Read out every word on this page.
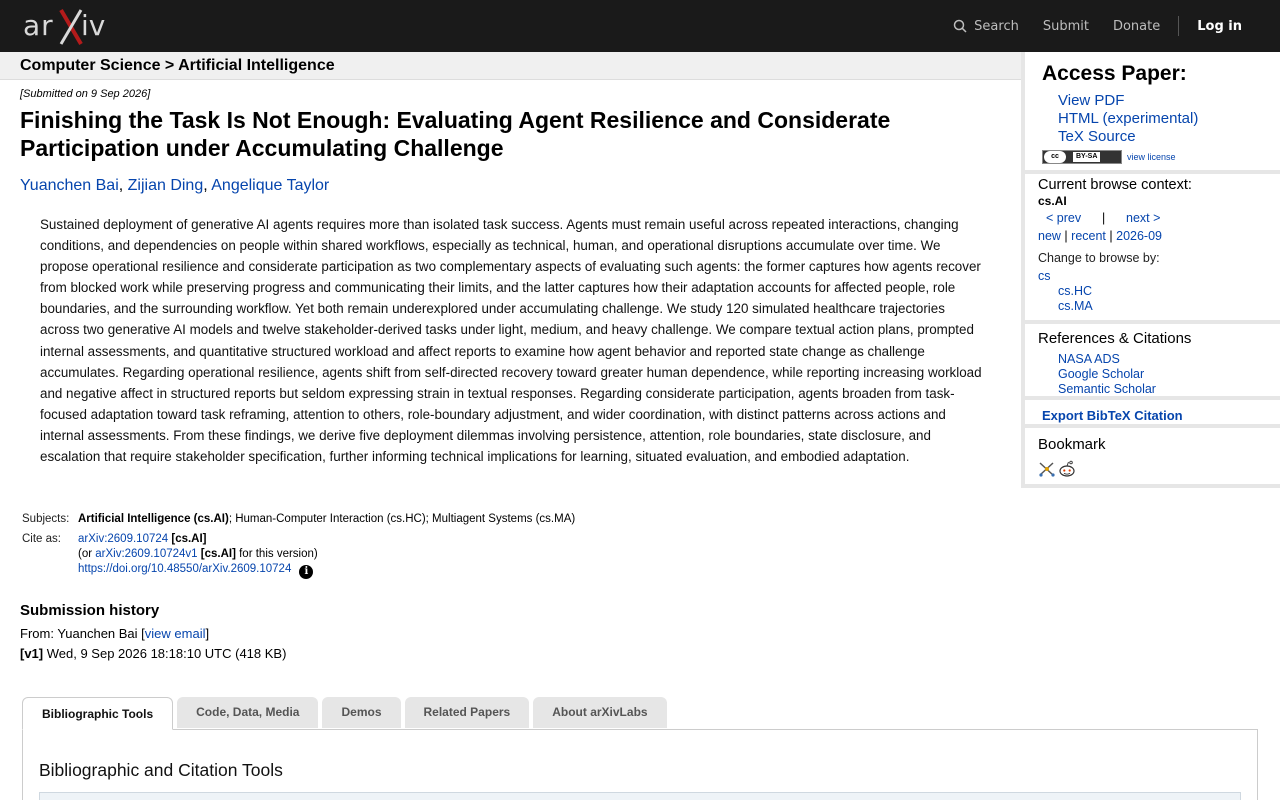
ar iv	Search Submit Donate	Log in
Computer Science > Artificial Intelligence
[Submitted on 9 Sep 2026]
Finishing the Task Is Not Enough: Evaluating Agent Resilience and Considerate Participation under Accumulating Challenge
Yuanchen Bai, Zijian Ding, Angelique Taylor
Sustained deployment of generative AI agents requires more than isolated task success. Agents must remain useful across repeated interactions, changing conditions, and dependencies on people within shared workflows, especially as technical, human, and operational disruptions accumulate over time. We propose operational resilience and considerate participation as two complementary aspects of evaluating such agents: the former captures how agents recover from blocked work while preserving progress and communicating their limits, and the latter captures how their adaptation accounts for affected people, role boundaries, and the surrounding workflow. Yet both remain underexplored under accumulating challenge. We study 120 simulated healthcare trajectories across two generative AI models and twelve stakeholder-derived tasks under light, medium, and heavy challenge. We compare textual action plans, prompted internal assessments, and quantitative structured workload and affect reports to examine how agent behavior and reported state change as challenge accumulates. Regarding operational resilience, agents shift from self-directed recovery toward greater human dependence, while reporting increasing workload and negative affect in structured reports but seldom expressing strain in textual responses. Regarding considerate participation, agents broaden from task-focused adaptation toward task reframing, attention to others, role-boundary adjustment, and wider coordination, with distinct patterns across actions and internal assessments. From these findings, we derive five deployment dilemmas involving persistence, attention, role boundaries, state disclosure, and escalation that require stakeholder specification, further informing technical implications for learning, situated evaluation, and embodied adaptation.
Subjects:	Artificial Intelligence (cs.AI); Human-Computer Interaction (cs.HC); Multiagent Systems (cs.MA)
Cite as:	arXiv:2609.10724 [cs.AI]
(or arXiv:2609.10724v1 [cs.AI] for this version)
https://doi.org/10.48550/arXiv.2609.10724 i
Submission history
From: Yuanchen Bai [view email]
[v1] Wed, 9 Sep 2026 18:18:10 UTC (418 KB)
Bibliographic Tools	Code, Data, Media	Demos	Related Papers	About arXivLabs
Bibliographic and Citation Tools
Access Paper:
View PDF
HTML (experimental)
TeX Source
cc	BY-SA	view license
Current browse context:
cs.AI
< prev | next >
new | recent | 2026-09
Change to browse by:
cs
cs.HC
cs.MA
References & Citations
NASA ADS
Google Scholar
Semantic Scholar
Export BibTeX Citation
Bookmark
